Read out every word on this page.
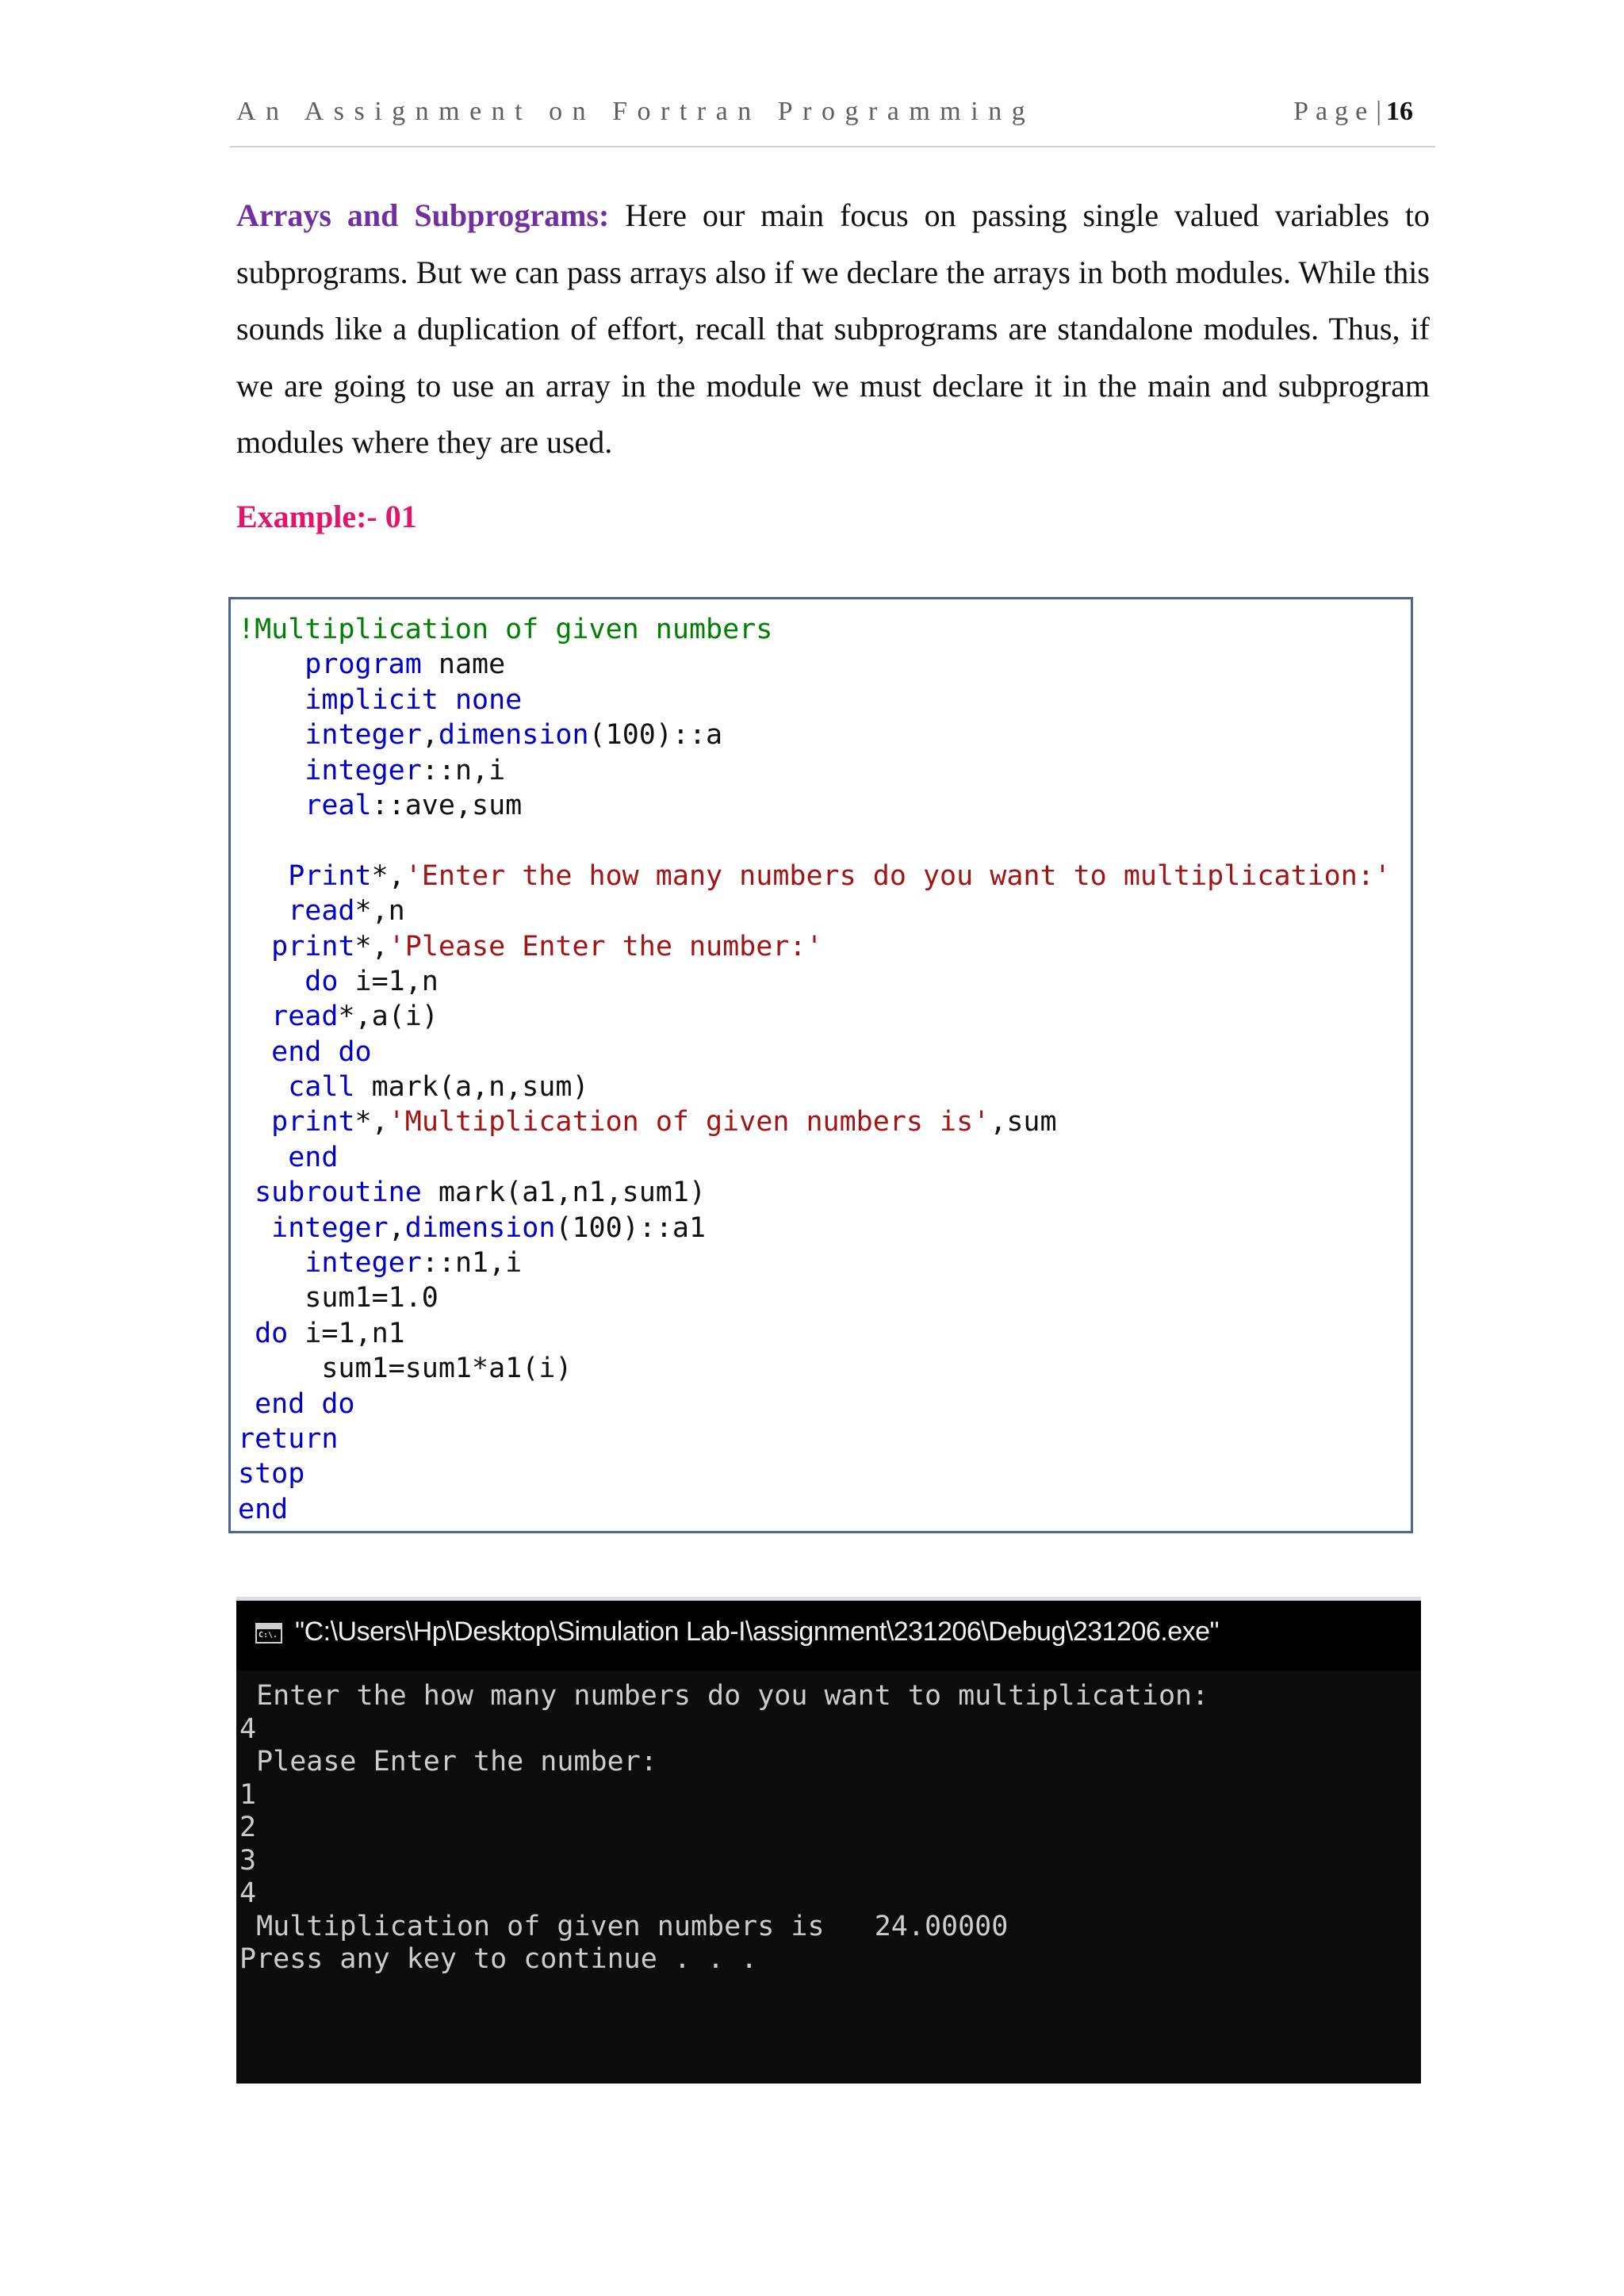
An Assignment on Fortran Programming	Page| 16
Arrays and Subprograms: Here our main focus on passing single valued variables to subprograms. But we can pass arrays also if we declare the arrays in both modules. While this sounds like a duplication of effort, recall that subprograms are standalone modules. Thus, if we are going to use an array in the module we must declare it in the main and subprogram modules where they are used.
Example:- 01
!Multiplication of given numbers
program name
implicit none
integer,dimension(100)::a
integer::n,i
real::ave,sum
Print*,'Enter the how many numbers do you want to multiplication:'
read*,n
print*,'Please Enter the number:'
do i=1,n
read*,a(i)
end do
call mark(a,n,sum)
print*,'Multiplication of given numbers is',sum
end
subroutine mark(a1,n1,sum1)
integer,dimension(100)::a1
integer::n1,i
sum1=1.0
do i=1,n1
sum1=sum1*a1(i)
end do
return
stop
end
C:\. "C:\Users\Hp\Desktop\Simulation Lab-I\assignment\231206\Debug\231206.exe"
Enter the how many numbers do you want to multiplication:
4
Please Enter the number:
1
2
3
4
Multiplication of given numbers is   24.00000
Press any key to continue . . .
